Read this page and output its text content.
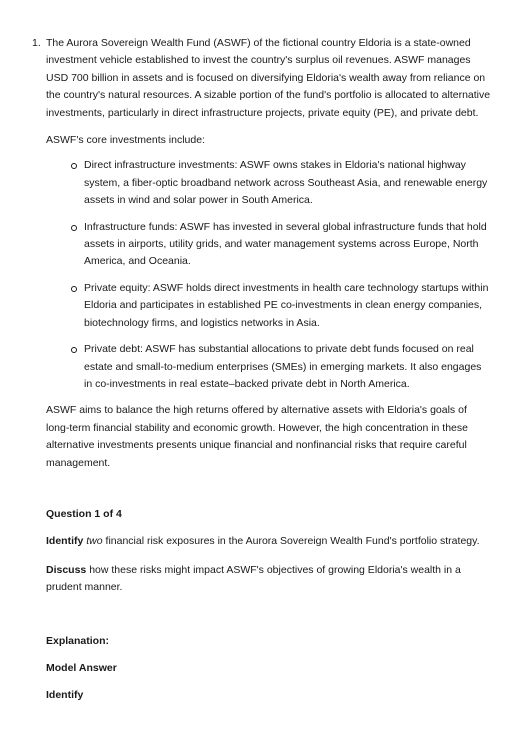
1. The Aurora Sovereign Wealth Fund (ASWF) of the fictional country Eldoria is a state-owned investment vehicle established to invest the country's surplus oil revenues. ASWF manages USD 700 billion in assets and is focused on diversifying Eldoria's wealth away from reliance on the country's natural resources. A sizable portion of the fund's portfolio is allocated to alternative investments, particularly in direct infrastructure projects, private equity (PE), and private debt.

ASWF's core investments include:

Direct infrastructure investments: ASWF owns stakes in Eldoria's national highway system, a fiber-optic broadband network across Southeast Asia, and renewable energy assets in wind and solar power in South America.
Infrastructure funds: ASWF has invested in several global infrastructure funds that hold assets in airports, utility grids, and water management systems across Europe, North America, and Oceania.
Private equity: ASWF holds direct investments in health care technology startups within Eldoria and participates in established PE co-investments in clean energy companies, biotechnology firms, and logistics networks in Asia.
Private debt: ASWF has substantial allocations to private debt funds focused on real estate and small-to-medium enterprises (SMEs) in emerging markets. It also engages in co-investments in real estate–backed private debt in North America.

ASWF aims to balance the high returns offered by alternative assets with Eldoria's goals of long-term financial stability and economic growth. However, the high concentration in these alternative investments presents unique financial and nonfinancial risks that require careful management.

Question 1 of 4

Identify two financial risk exposures in the Aurora Sovereign Wealth Fund's portfolio strategy.

Discuss how these risks might impact ASWF's objectives of growing Eldoria's wealth in a prudent manner.

Explanation:

Model Answer

Identify
